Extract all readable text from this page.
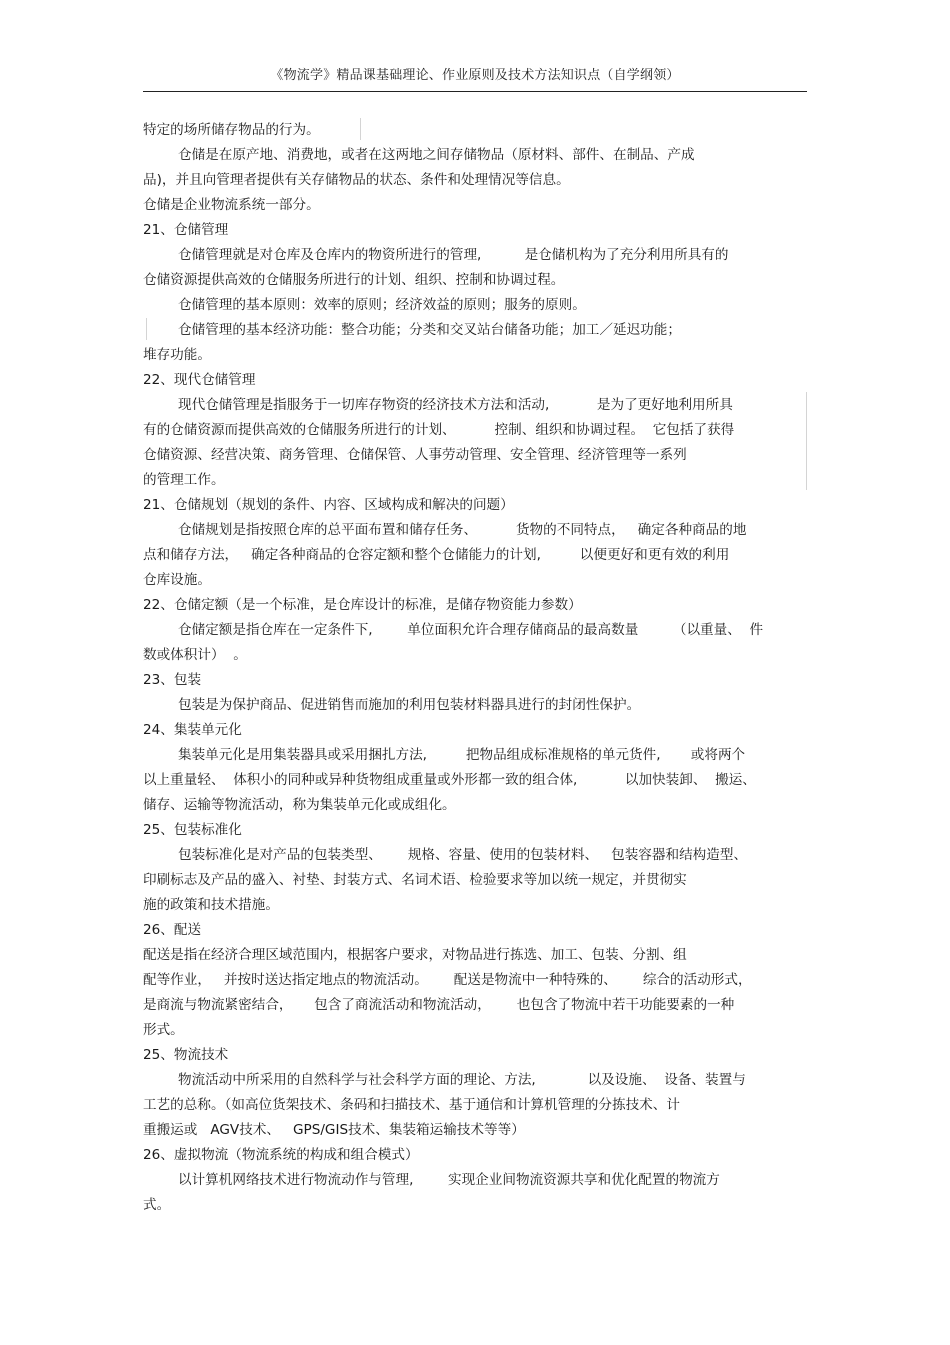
《物流学》精品课基础理论、作业原则及技术方法知识点（自学纲领）
特定的场所储存物品的行为。
仓储是在原产地、消费地，或者在这两地之间存储物品（原材料、部件、在制品、产成
品)，并且向管理者提供有关存储物品的状态、条件和处理情况等信息。
仓储是企业物流系统一部分。
21、仓储管理
仓储管理就是对仓库及仓库内的物资所进行的管理,          是仓储机构为了充分利用所具有的
仓储资源提供高效的仓储服务所进行的计划、组织、控制和协调过程。
仓储管理的基本原则：效率的原则；经济效益的原则；服务的原则。
仓储管理的基本经济功能：整合功能；分类和交叉站台储备功能；加工／延迟功能；
堆存功能。
22、现代仓储管理
现代仓储管理是指服务于一切库存物资的经济技术方法和活动,           是为了更好地利用所具
有的仓储资源而提供高效的仓储服务所进行的计划、         控制、组织和协调过程。  它包括了获得
仓储资源、经营决策、商务管理、仓储保管、人事劳动管理、安全管理、经济管理等一系列
的管理工作。
21、仓储规划（规划的条件、内容、区域构成和解决的问题）
仓储规划是指按照仓库的总平面布置和储存任务、         货物的不同特点，   确定各种商品的地
点和储存方法，   确定各种商品的仓容定额和整个仓储能力的计划,         以便更好和更有效的利用
仓库设施。
22、仓储定额（是一个标准，是仓库设计的标准，是储存物资能力参数）
仓储定额是指仓库在一定条件下,        单位面积允许合理存储商品的最高数量        （以重量、  件
数或体积计）  。
23、包装
包装是为保护商品、促进销售而施加的利用包装材料器具进行的封闭性保护。
24、集装单元化
集装单元化是用集装器具或采用捆扎方法,         把物品组成标准规格的单元货件,       或将两个
以上重量轻、  体积小的同种或异种货物组成重量或外形都一致的组合体,           以加快装卸、  搬运、
储存、运输等物流活动，称为集装单元化或成组化。
25、包装标准化
包装标准化是对产品的包装类型、      规格、容量、使用的包装材料、   包装容器和结构造型、
印刷标志及产品的盛入、衬垫、封装方式、名词术语、检验要求等加以统一规定，并贯彻实
施的政策和技术措施。
26、配送
配送是指在经济合理区域范围内，根据客户要求，对物品进行拣选、加工、包装、分割、组
配等作业，   并按时送达指定地点的物流活动。      配送是物流中一种特殊的、      综合的活动形式，
是商流与物流紧密结合，     包含了商流活动和物流活动，      也包含了物流中若干功能要素的一种
形式。
25、物流技术
物流活动中所采用的自然科学与社会科学方面的理论、方法,            以及设施、  设备、装置与
工艺的总称。（如高位货架技术、条码和扫描技术、基于通信和计算机管理的分拣技术、计
重搬运或   AGV技术、   GPS/GIS技术、集装箱运输技术等等）
26、虚拟物流（物流系统的构成和组合模式）
以计算机网络技术进行物流动作与管理,        实现企业间物流资源共享和优化配置的物流方
式。
